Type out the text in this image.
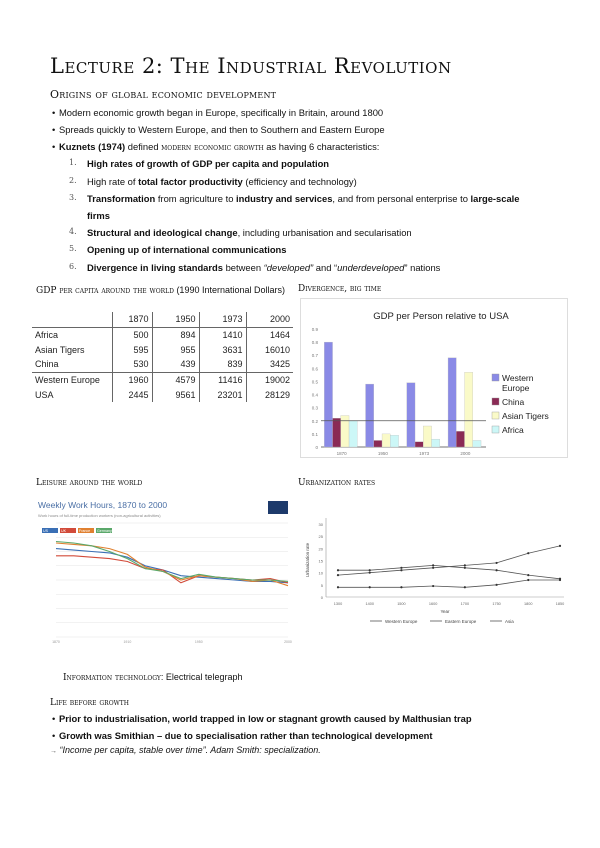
Lecture 2: The Industrial Revolution
Origins of global economic development
• Modern economic growth began in Europe, specifically in Britain, around 1800
• Spreads quickly to Western Europe, and then to Southern and Eastern Europe
• Kuznets (1974) defined modern economic growth as having 6 characteristics:
1. High rates of growth of GDP per capita and population
2. High rate of total factor productivity (efficiency and technology)
3. Transformation from agriculture to industry and services, and from personal enterprise to large-scale
firms
4. Structural and ideological change, including urbanisation and secularisation
5. Opening up of international communications
6. Divergence in living standards between “developed” and “underdeveloped” nations
GDP per capita around the world (1990 International Dollars)
	1870	1950	1973	2000
Africa	500	894	1410	1464
Asian Tigers	595	955	3631	16010
China	530	439	839	3425
Western Europe	1960	4579	11416	19002
USA	2445	9561	23201	28129
Divergence, big time
GDP per Person relative to USA
0
0.1
0.2
0.3
0.4
0.5
0.6
0.7
0.8
0.9
1870	1950	1973	2000
Western
Europe
China
Asian Tigers
Africa
Leisure around the world
Weekly Work Hours, 1870 to 2000
Work hours of full-time production workers (non-agricultural activities)
US	UK	France Germany
1870	1910	1950	2000
Urbanization rates
0
5
10
15
20
25
30
Urbanization rate
1300	1400	1500	1600	1700	1750	1800	1850
Year
Western Europe	Eastern Europe	Asia
Information technology: Electrical telegraph
Life before growth
• Prior to industrialisation, world trapped in low or stagnant growth caused by Malthusian trap
• Growth was Smithian – due to specialisation rather than technological development
→ “Income per capita, stable over time”. Adam Smith: specialization.
